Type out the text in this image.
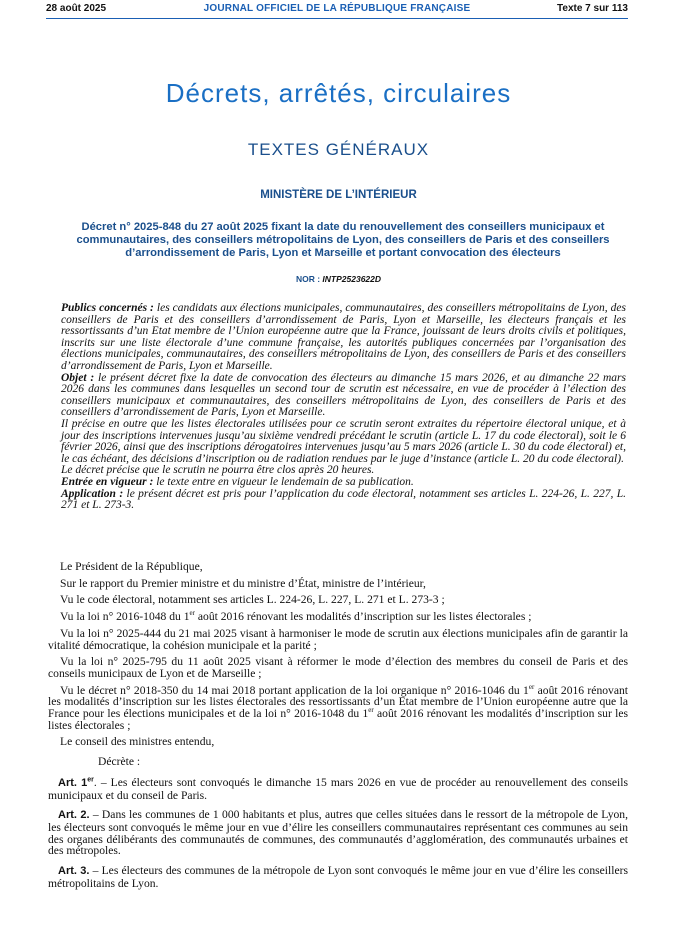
28 août 2025	JOURNAL OFFICIEL DE LA RÉPUBLIQUE FRANÇAISE	Texte 7 sur 113
Décrets, arrêtés, circulaires
TEXTES GÉNÉRAUX
MINISTÈRE DE L’INTÉRIEUR
Décret n° 2025-848 du 27 août 2025 fixant la date du renouvellement des conseillers municipaux et communautaires, des conseillers métropolitains de Lyon, des conseillers de Paris et des conseillers d’arrondissement de Paris, Lyon et Marseille et portant convocation des électeurs
NOR : INTP2523622D

Publics concernés : les candidats aux élections municipales, communautaires, des conseillers métropolitains de Lyon, des conseillers de Paris et des conseillers d’arrondissement de Paris, Lyon et Marseille, les électeurs français et les ressortissants d’un Etat membre de l’Union européenne autre que la France, jouissant de leurs droits civils et politiques, inscrits sur une liste électorale d’une commune française, les autorités publiques concernées par l’organisation des élections municipales, communautaires, des conseillers métropolitains de Lyon, des conseillers de Paris et des conseillers d’arrondissement de Paris, Lyon et Marseille.

Objet : le présent décret fixe la date de convocation des électeurs au dimanche 15 mars 2026, et au dimanche 22 mars 2026 dans les communes dans lesquelles un second tour de scrutin est nécessaire, en vue de procéder à l’élection des conseillers municipaux et communautaires, des conseillers métropolitains de Lyon, des conseillers de Paris et des conseillers d’arrondissement de Paris, Lyon et Marseille.

Il précise en outre que les listes électorales utilisées pour ce scrutin seront extraites du répertoire électoral unique, et à jour des inscriptions intervenues jusqu’au sixième vendredi précédant le scrutin (article L. 17 du code électoral), soit le 6 février 2026, ainsi que des inscriptions dérogatoires intervenues jusqu’au 5 mars 2026 (article L. 30 du code électoral) et, le cas échéant, des décisions d’inscription ou de radiation rendues par le juge d’instance (article L. 20 du code électoral).

Le décret précise que le scrutin ne pourra être clos après 20 heures.

Entrée en vigueur : le texte entre en vigueur le lendemain de sa publication.

Application : le présent décret est pris pour l’application du code électoral, notamment ses articles L. 224-26, L. 227, L. 271 et L. 273-3.

Le Président de la République,

Sur le rapport du Premier ministre et du ministre d’État, ministre de l’intérieur,

Vu le code électoral, notamment ses articles L. 224-26, L. 227, L. 271 et L. 273-3 ;

Vu la loi n° 2016-1048 du 1er août 2016 rénovant les modalités d’inscription sur les listes électorales ;

Vu la loi n° 2025-444 du 21 mai 2025 visant à harmoniser le mode de scrutin aux élections municipales afin de garantir la vitalité démocratique, la cohésion municipale et la parité ;

Vu la loi n° 2025-795 du 11 août 2025 visant à réformer le mode d’élection des membres du conseil de Paris et des conseils municipaux de Lyon et de Marseille ;

Vu le décret n° 2018-350 du 14 mai 2018 portant application de la loi organique n° 2016-1046 du 1er août 2016 rénovant les modalités d’inscription sur les listes électorales des ressortissants d’un Etat membre de l’Union européenne autre que la France pour les élections municipales et de la loi n° 2016-1048 du 1er août 2016 rénovant les modalités d’inscription sur les listes électorales ;

Le conseil des ministres entendu,

Décrète :

Art. 1er. – Les électeurs sont convoqués le dimanche 15 mars 2026 en vue de procéder au renouvellement des conseils municipaux et du conseil de Paris.

Art. 2. – Dans les communes de 1 000 habitants et plus, autres que celles situées dans le ressort de la métropole de Lyon, les électeurs sont convoqués le même jour en vue d’élire les conseillers communautaires représentant ces communes au sein des organes délibérants des communautés de communes, des communautés d’agglomération, des communautés urbaines et des métropoles.

Art. 3. – Les électeurs des communes de la métropole de Lyon sont convoqués le même jour en vue d’élire les conseillers métropolitains de Lyon.
